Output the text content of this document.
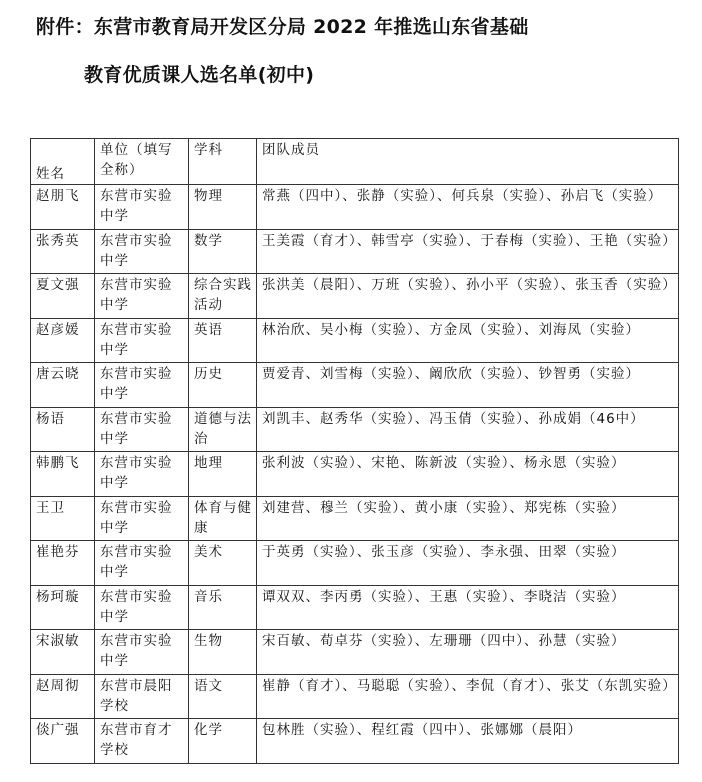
附件：东营市教育局开发区分局 2022 年推选山东省基础
教育优质课人选名单(初中)
姓名	单位（填写全称）	学科	团队成员
赵朋飞	东营市实验中学	物理	常燕（四中）、张静（实验）、何兵泉（实验）、孙启飞（实验）
张秀英	东营市实验中学	数学	王美霞（育才）、韩雪亭（实验）、于春梅（实验）、王艳（实验）
夏文强	东营市实验中学	综合实践活动	张洪美（晨阳）、万班（实验）、孙小平（实验）、张玉香（实验）
赵彦媛	东营市实验中学	英语	林治欣、吴小梅（实验）、方金凤（实验）、刘海凤（实验）
唐云晓	东营市实验中学	历史	贾爱青、刘雪梅（实验）、阚欣欣（实验）、钞智勇（实验）
杨语	东营市实验中学	道德与法治	刘凯丰、赵秀华（实验）、冯玉倩（实验）、孙成娟（46中）
韩鹏飞	东营市实验中学	地理	张利波（实验）、宋艳、陈新波（实验）、杨永恩（实验）
王卫	东营市实验中学	体育与健康	刘建营、穆兰（实验）、黄小康（实验）、郑宪栋（实验）
崔艳芬	东营市实验中学	美术	于英勇（实验）、张玉彦（实验）、李永强、田翠（实验）
杨珂璇	东营市实验中学	音乐	谭双双、李丙勇（实验）、王惠（实验）、李晓洁（实验）
宋淑敏	东营市实验中学	生物	宋百敏、荀卓芬（实验）、左珊珊（四中）、孙慧（实验）
赵周彻	东营市晨阳学校	语文	崔静（育才）、马聪聪（实验）、李侃（育才）、张艾（东凯实验）
倓广强	东营市育才学校	化学	包林胜（实验）、程红霞（四中）、张娜娜（晨阳）
